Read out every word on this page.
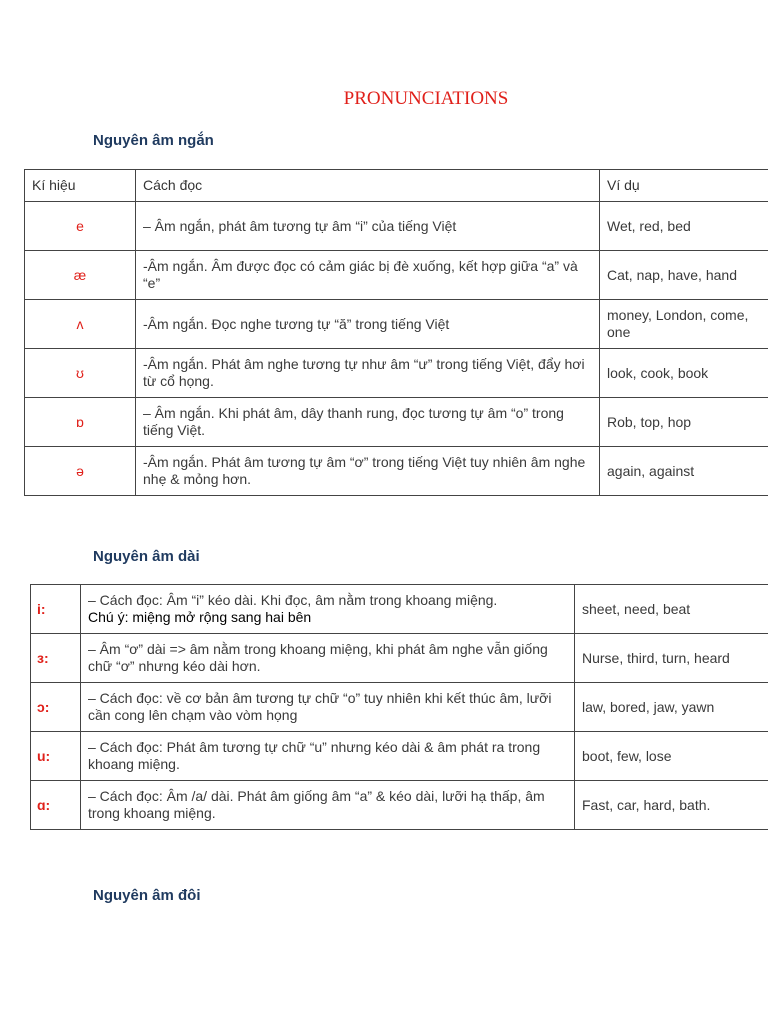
PRONUNCIATIONS
Nguyên âm ngắn
Kí hiệu	Cách đọc	Ví dụ
e	– Âm ngắn, phát âm tương tự âm “i” của tiếng Việt	Wet, red, bed
æ	-Âm ngắn. Âm được đọc có cảm giác bị đè xuống, kết hợp giữa “a” và “e”	Cat, nap, have, hand
ʌ	-Âm ngắn. Đọc nghe tương tự “ă” trong tiếng Việt	money, London, come, one
ʊ	-Âm ngắn. Phát âm nghe tương tự như âm “ư” trong tiếng Việt, đẩy hơi từ cổ họng.	look, cook, book
ɒ	– Âm ngắn. Khi phát âm, dây thanh rung, đọc tương tự âm “o” trong tiếng Việt.	Rob, top, hop
ə	-Âm ngắn. Phát âm tương tự âm “ơ” trong tiếng Việt tuy nhiên âm nghe nhẹ & mỏng hơn.	again, against
Nguyên âm dài
i:	– Cách đọc: Âm “i” kéo dài. Khi đọc, âm nằm trong khoang miệng.
Chú ý: miệng mở rộng sang hai bên	sheet, need, beat
ɜ:	– Âm “ơ” dài => âm nằm trong khoang miệng, khi phát âm nghe vẫn giống chữ “ơ” nhưng kéo dài hơn.	Nurse, third, turn, heard
ɔ:	– Cách đọc: về cơ bản âm tương tự chữ “o” tuy nhiên khi kết thúc âm, lưỡi cần cong lên chạm vào vòm họng	law, bored, jaw, yawn
u:	– Cách đọc: Phát âm tương tự chữ “u” nhưng kéo dài & âm phát ra trong khoang miệng.	boot, few, lose
ɑ:	– Cách đọc: Âm /a/ dài. Phát âm giống âm “a” & kéo dài, lưỡi hạ thấp, âm trong khoang miệng.	Fast, car, hard, bath.
Nguyên âm đôi
